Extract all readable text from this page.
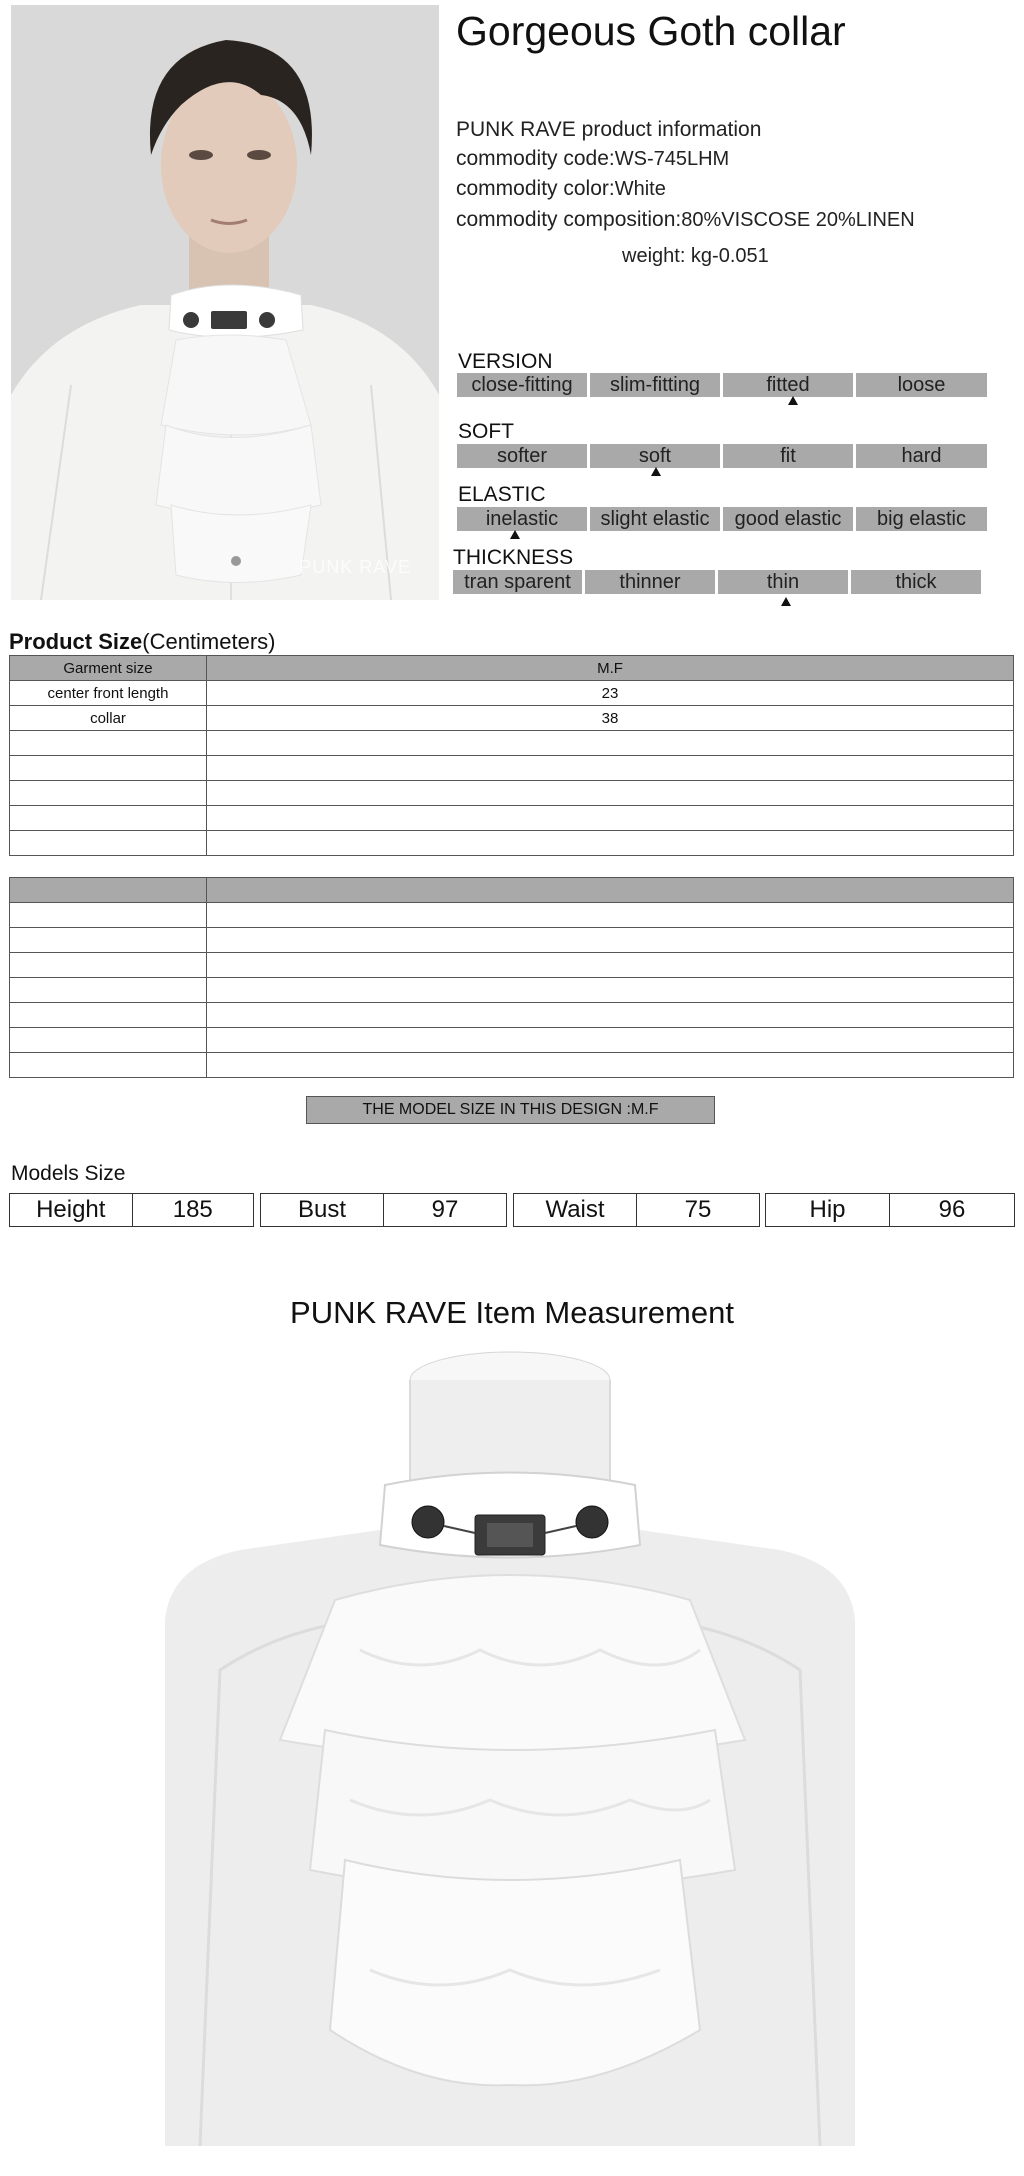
PUNK RAVE
Gorgeous Goth collar
PUNK RAVE product information
commodity code:WS-745LHM
commodity color:White
commodity composition:80%VISCOSE 20%LINEN
weight: kg-0.051
VERSION
close-fitting	slim-fitting	fitted	loose
SOFT
softer	soft	fit	hard
ELASTIC
inelastic	slight elastic	good elastic	big elastic
THICKNESS
tran sparent	thinner	thin	thick
Product Size(Centimeters)
Garment size	M.F
center front length	23
collar	38

THE MODEL SIZE IN THIS DESIGN :M.F
Models Size
Height	185	Bust	97	Waist	75	Hip	96
PUNK RAVE Item Measurement
